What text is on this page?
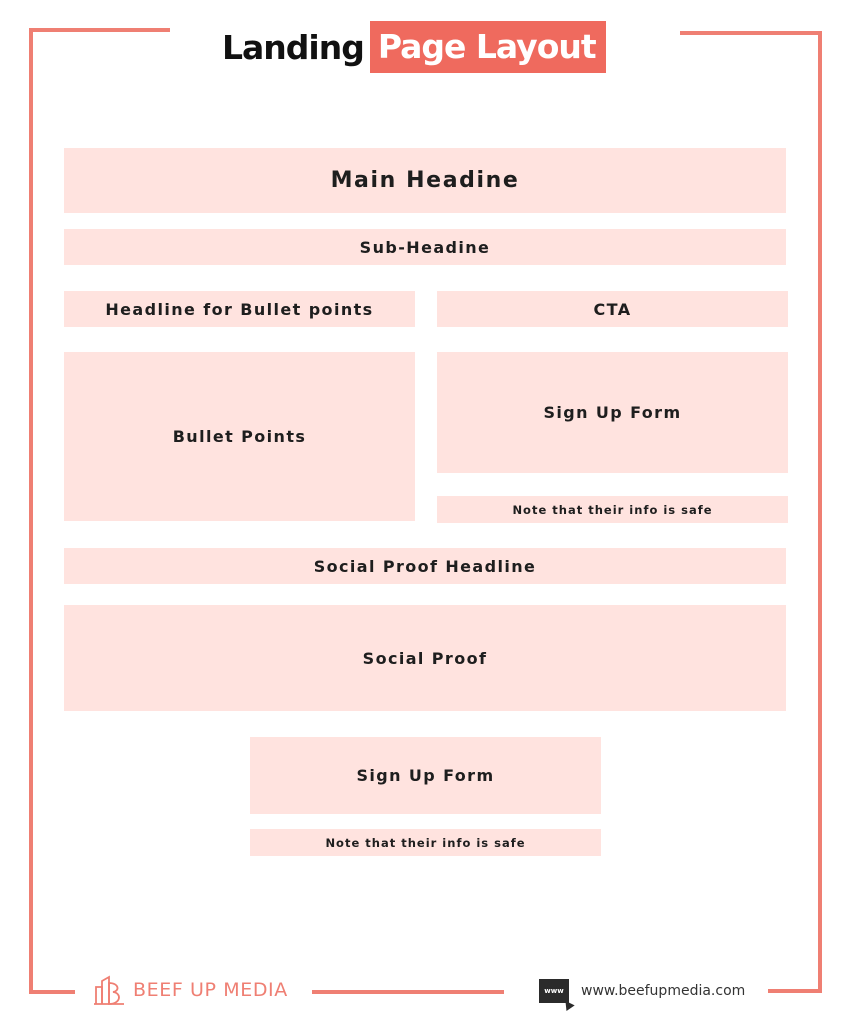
Landing Page Layout
Main Headine
Sub-Headine
Headline for Bullet points	CTA
Bullet Points
Sign Up Form
Note that their info is safe
Social Proof Headline
Social Proof
Sign Up Form
Note that their info is safe
BEEF UP MEDIA	www www.beefupmedia.com
